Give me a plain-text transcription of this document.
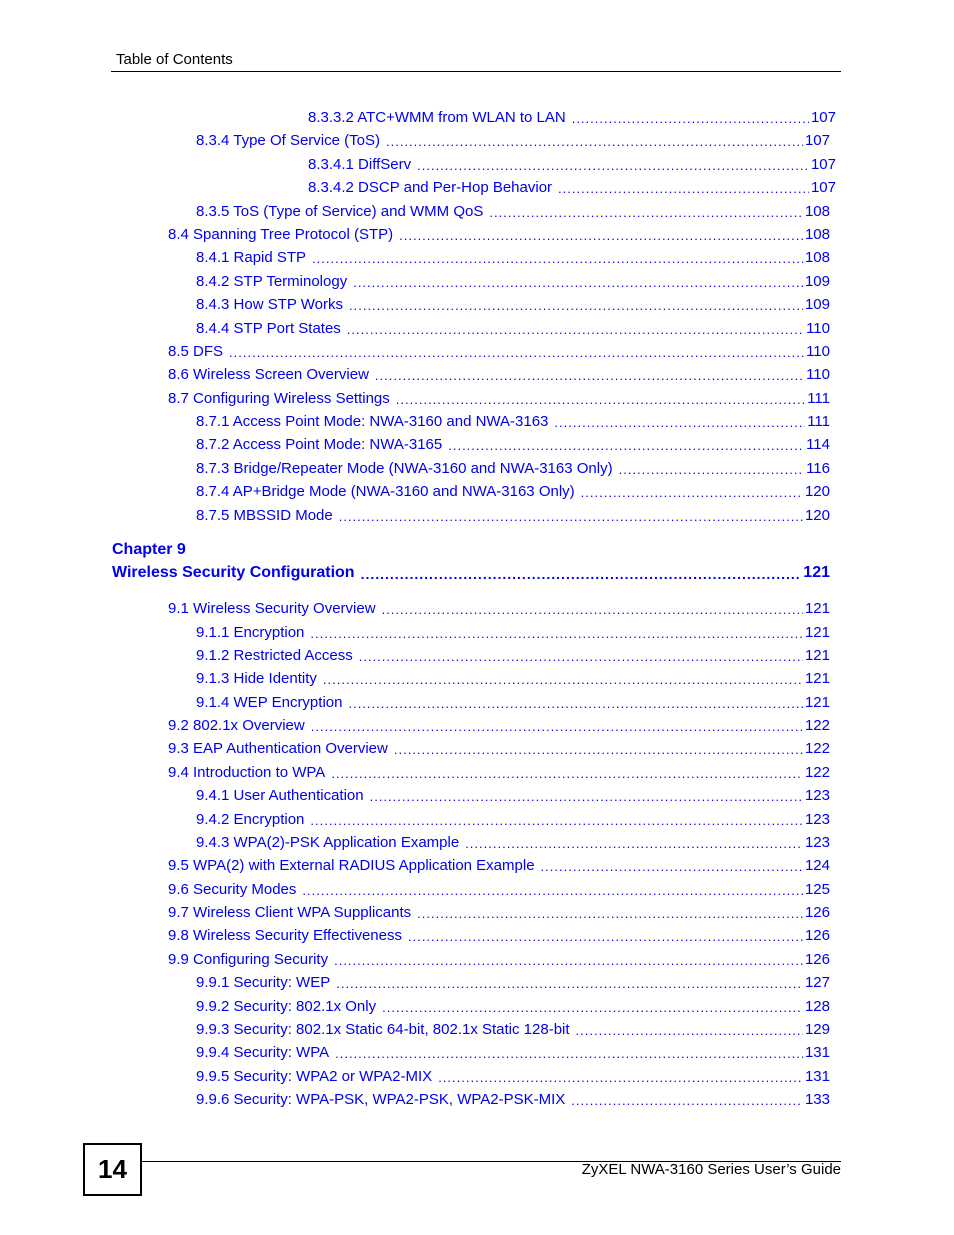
Table of Contents
8.3.3.2 ATC+WMM from WLAN to LAN .....	107
8.3.4 Type Of Service (ToS) .....	107
8.3.4.1 DiffServ .....	107
8.3.4.2 DSCP and Per-Hop Behavior .....	107
8.3.5 ToS (Type of Service) and WMM QoS .....	108
8.4 Spanning Tree Protocol (STP) .....	108
8.4.1 Rapid STP .....	108
8.4.2 STP Terminology .....	109
8.4.3 How STP Works .....	109
8.4.4 STP Port States .....	110
8.5 DFS .....	110
8.6 Wireless Screen Overview .....	110
8.7 Configuring Wireless Settings .....	111
8.7.1 Access Point Mode: NWA-3160 and NWA-3163 .....	111
8.7.2 Access Point Mode: NWA-3165 .....	114
8.7.3 Bridge/Repeater Mode (NWA-3160 and NWA-3163 Only) .....	116
8.7.4 AP+Bridge Mode (NWA-3160 and NWA-3163 Only) .....	120
8.7.5 MBSSID Mode .....	120
Chapter 9
Wireless Security Configuration .....	121
9.1 Wireless Security Overview .....	121
9.1.1 Encryption .....	121
9.1.2 Restricted Access .....	121
9.1.3 Hide Identity .....	121
9.1.4 WEP Encryption .....	121
9.2 802.1x Overview .....	122
9.3 EAP Authentication Overview .....	122
9.4 Introduction to WPA .....	122
9.4.1 User Authentication .....	123
9.4.2 Encryption .....	123
9.4.3 WPA(2)-PSK Application Example .....	123
9.5 WPA(2) with External RADIUS Application Example .....	124
9.6 Security Modes .....	125
9.7 Wireless Client WPA Supplicants .....	126
9.8 Wireless Security Effectiveness .....	126
9.9 Configuring Security .....	126
9.9.1 Security: WEP .....	127
9.9.2 Security: 802.1x Only .....	128
9.9.3 Security: 802.1x Static 64-bit, 802.1x Static 128-bit .....	129
9.9.4 Security: WPA .....	131
9.9.5 Security: WPA2 or WPA2-MIX .....	131
9.9.6 Security: WPA-PSK, WPA2-PSK, WPA2-PSK-MIX .....	133
14	ZyXEL NWA-3160 Series User’s Guide
